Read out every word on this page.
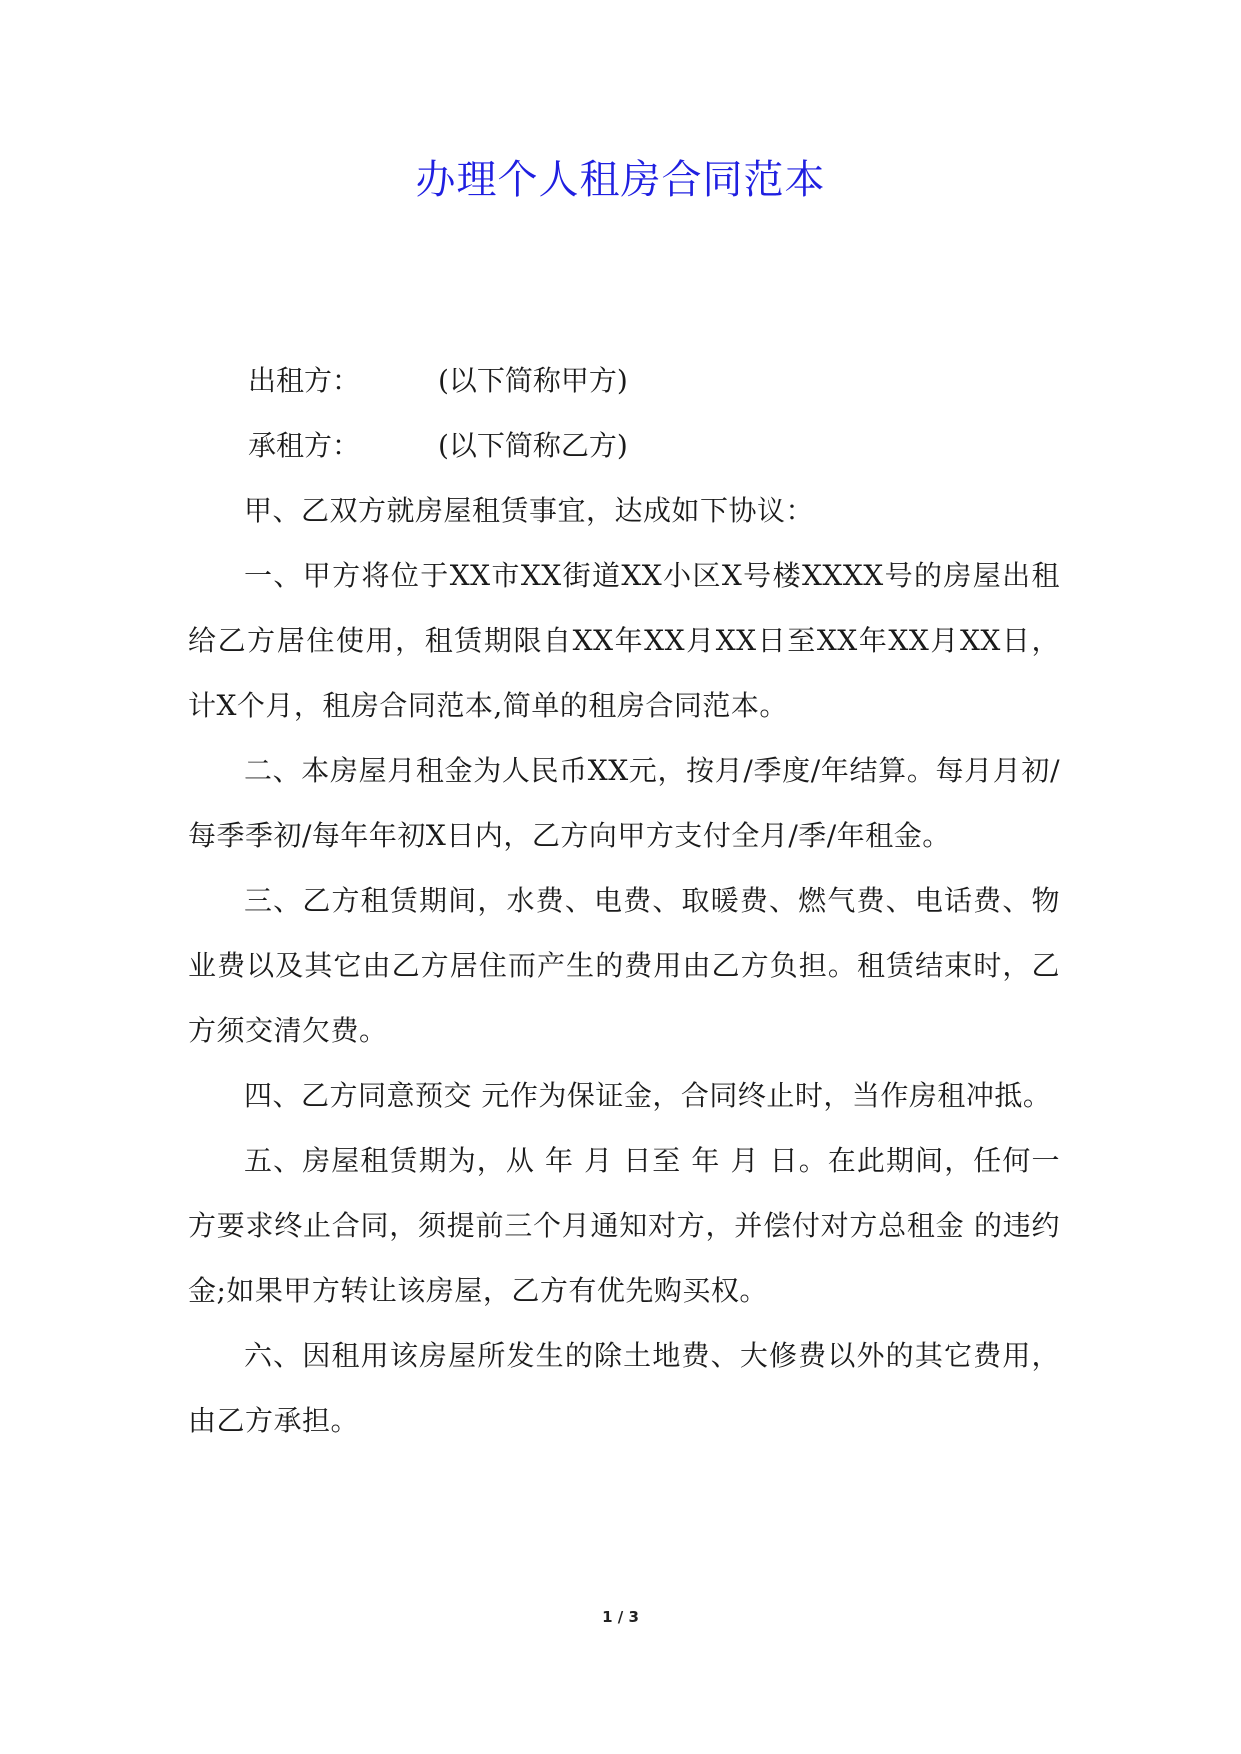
办理个人租房合同范本
出租方：	(以下简称甲方)
承租方：	(以下简称乙方)

甲、乙双方就房屋租赁事宜，达成如下协议：

一、甲方将位于XX市XX街道XX小区X号楼XXXX号的房屋出租给乙方居住使用，租赁期限自XX年XX月XX日至XX年XX月XX日，计X个月，租房合同范本,简单的租房合同范本。

二、本房屋月租金为人民币XX元，按月/季度/年结算。每月月初/每季季初/每年年初X日内，乙方向甲方支付全月/季/年租金。

三、乙方租赁期间，水费、电费、取暖费、燃气费、电话费、物业费以及其它由乙方居住而产生的费用由乙方负担。租赁结束时，乙方须交清欠费。

四、乙方同意预交 元作为保证金，合同终止时，当作房租冲抵。

五、房屋租赁期为，从 年 月 日至 年 月 日。在此期间，任何一方要求终止合同，须提前三个月通知对方，并偿付对方总租金 的违约金;如果甲方转让该房屋，乙方有优先购买权。

六、因租用该房屋所发生的除土地费、大修费以外的其它费用，由乙方承担。

1 / 3
